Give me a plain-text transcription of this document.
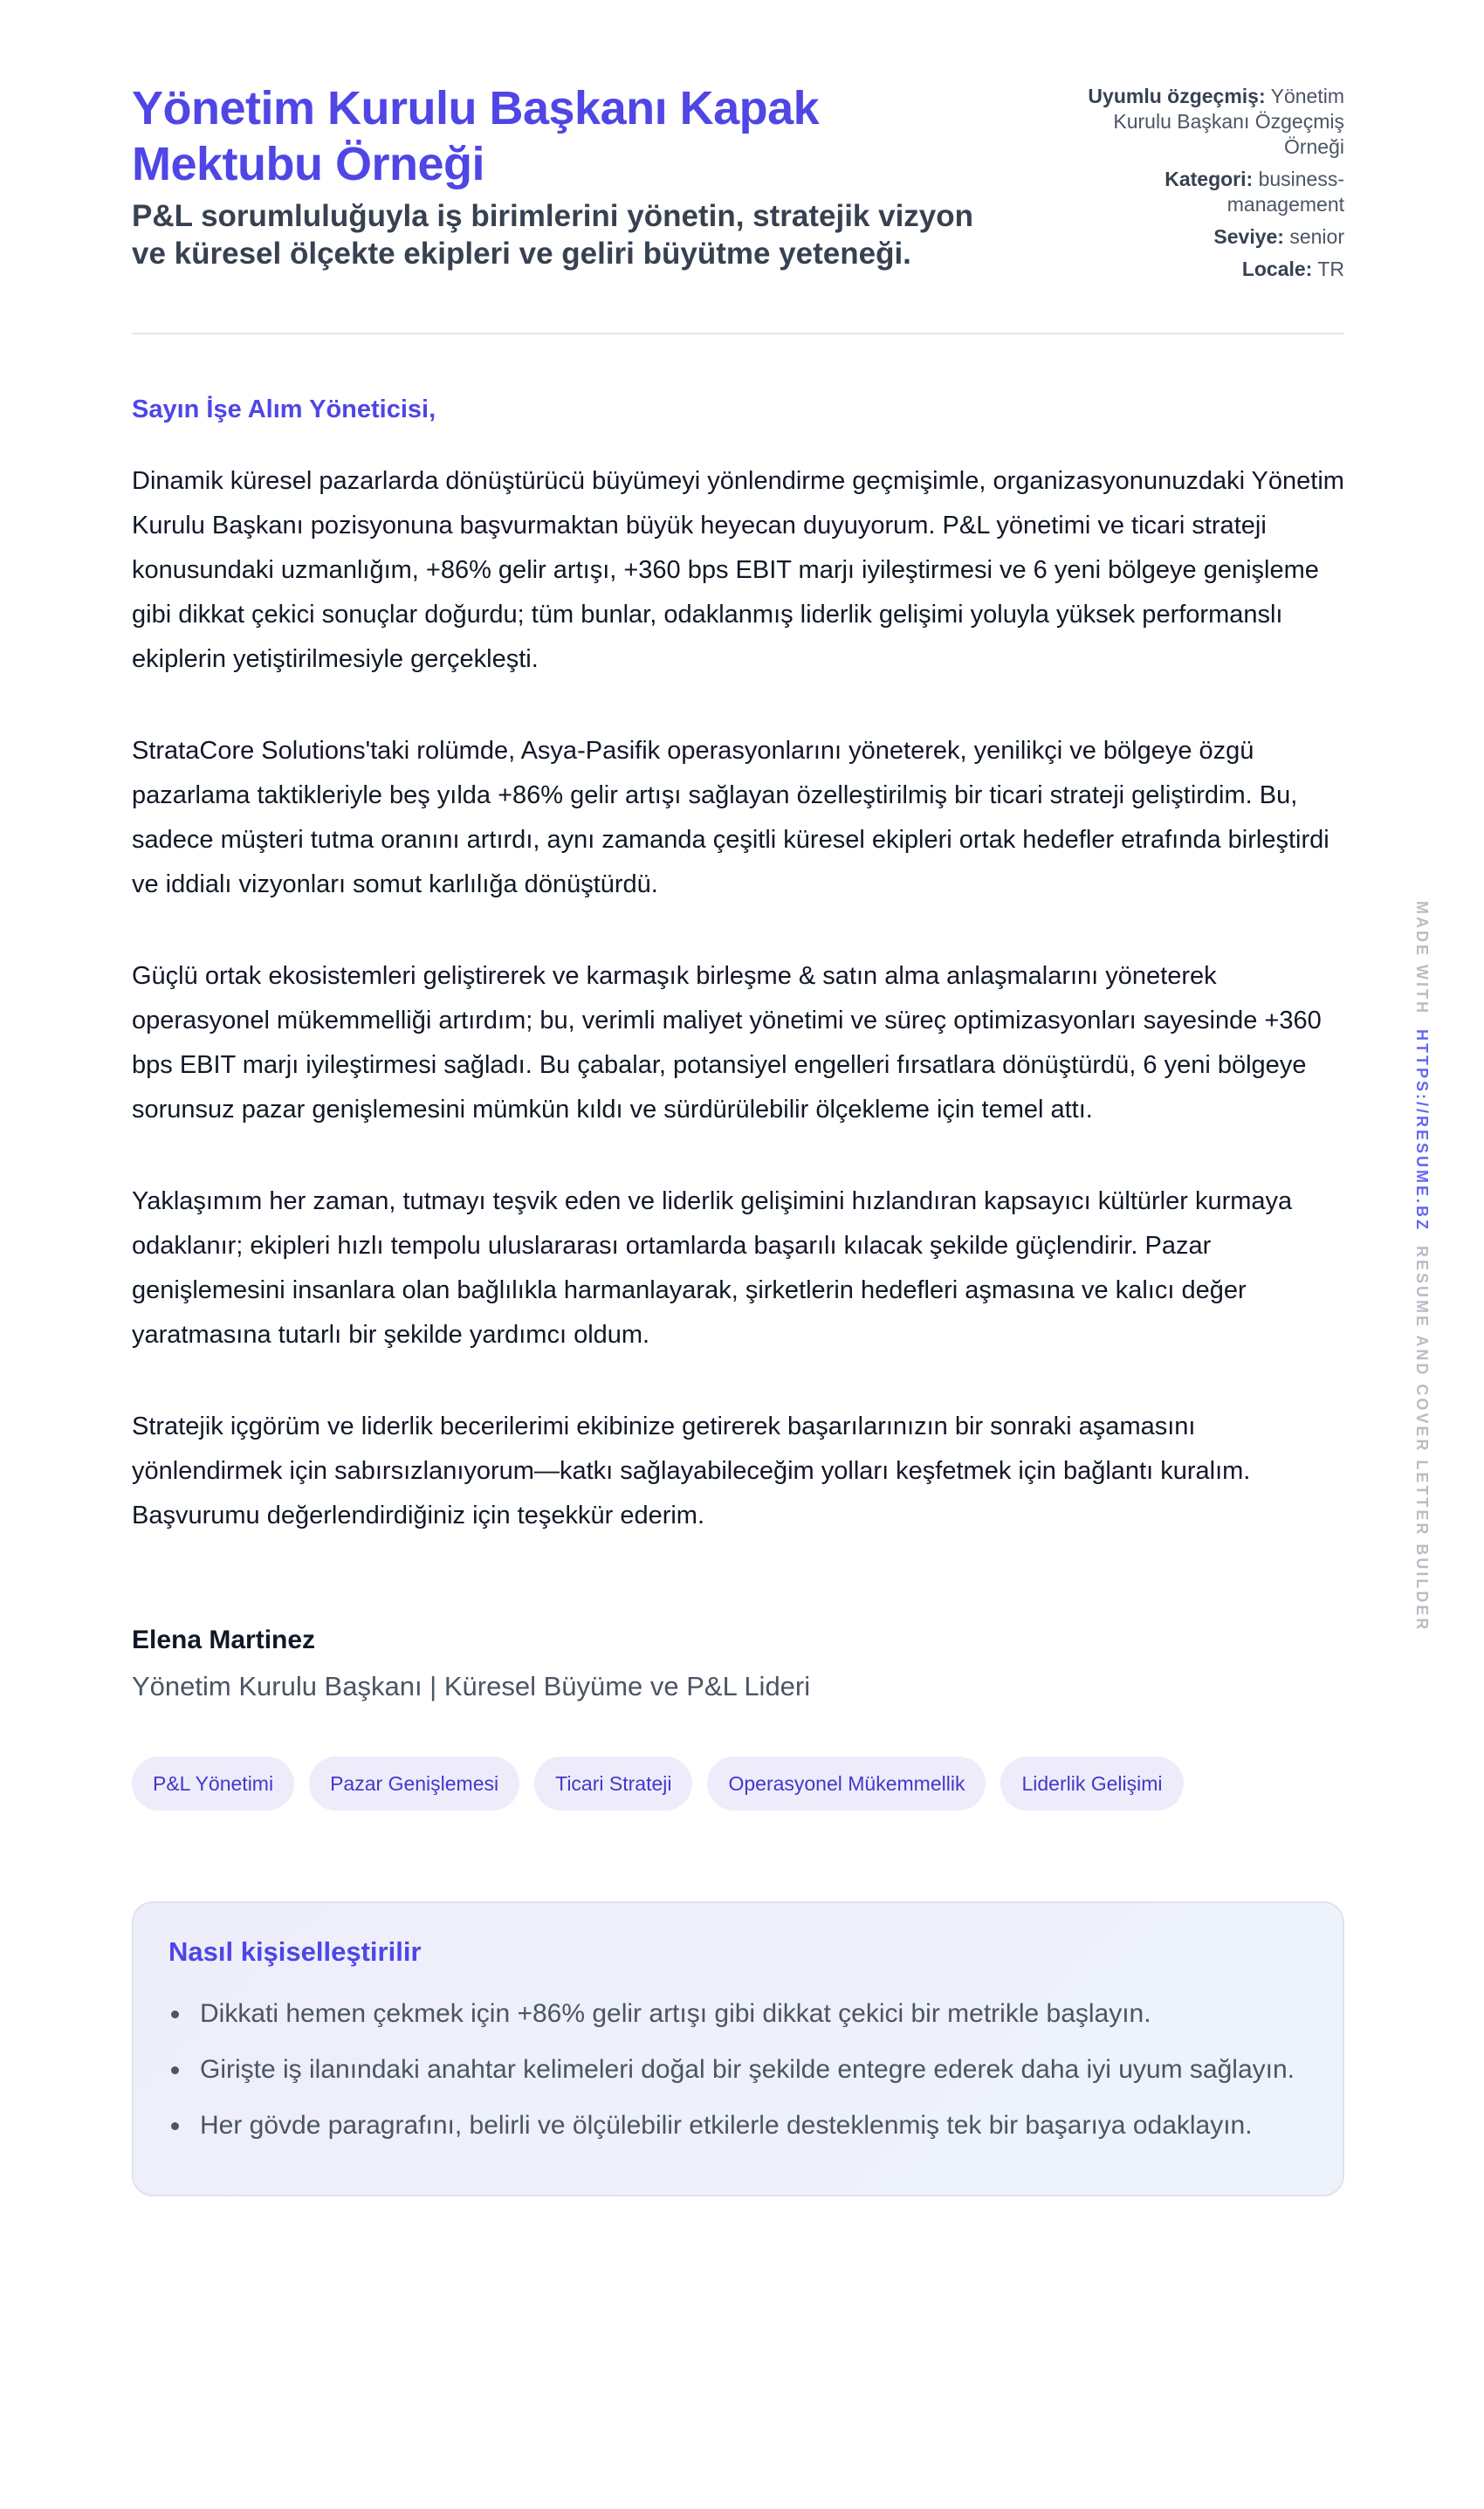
Yönetim Kurulu Başkanı Kapak Mektubu Örneği

P&L sorumluluğuyla iş birimlerini yönetin, stratejik vizyon ve küresel ölçekte ekipleri ve geliri büyütme yeteneği.

Uyumlu özgeçmiş: Yönetim Kurulu Başkanı Özgeçmiş Örneği
Kategori: business-management
Seviye: senior
Locale: TR

Sayın İşe Alım Yöneticisi,

Dinamik küresel pazarlarda dönüştürücü büyümeyi yönlendirme geçmişimle, organizasyonunuzdaki Yönetim Kurulu Başkanı pozisyonuna başvurmaktan büyük heyecan duyuyorum. P&L yönetimi ve ticari strateji konusundaki uzmanlığım, +86% gelir artışı, +360 bps EBIT marjı iyileştirmesi ve 6 yeni bölgeye genişleme gibi dikkat çekici sonuçlar doğurdu; tüm bunlar, odaklanmış liderlik gelişimi yoluyla yüksek performanslı ekiplerin yetiştirilmesiyle gerçekleşti.

StrataCore Solutions'taki rolümde, Asya-Pasifik operasyonlarını yöneterek, yenilikçi ve bölgeye özgü pazarlama taktikleriyle beş yılda +86% gelir artışı sağlayan özelleştirilmiş bir ticari strateji geliştirdim. Bu, sadece müşteri tutma oranını artırdı, aynı zamanda çeşitli küresel ekipleri ortak hedefler etrafında birleştirdi ve iddialı vizyonları somut karlılığa dönüştürdü.

Güçlü ortak ekosistemleri geliştirerek ve karmaşık birleşme & satın alma anlaşmalarını yöneterek operasyonel mükemmelliği artırdım; bu, verimli maliyet yönetimi ve süreç optimizasyonları sayesinde +360 bps EBIT marjı iyileştirmesi sağladı. Bu çabalar, potansiyel engelleri fırsatlara dönüştürdü, 6 yeni bölgeye sorunsuz pazar genişlemesini mümkün kıldı ve sürdürülebilir ölçekleme için temel attı.

Yaklaşımım her zaman, tutmayı teşvik eden ve liderlik gelişimini hızlandıran kapsayıcı kültürler kurmaya odaklanır; ekipleri hızlı tempolu uluslararası ortamlarda başarılı kılacak şekilde güçlendirir. Pazar genişlemesini insanlara olan bağlılıkla harmanlayarak, şirketlerin hedefleri aşmasına ve kalıcı değer yaratmasına tutarlı bir şekilde yardımcı oldum.

Stratejik içgörüm ve liderlik becerilerimi ekibinize getirerek başarılarınızın bir sonraki aşamasını yönlendirmek için sabırsızlanıyorum—katkı sağlayabileceğim yolları keşfetmek için bağlantı kuralım. Başvurumu değerlendirdiğiniz için teşekkür ederim.

Elena Martinez
Yönetim Kurulu Başkanı | Küresel Büyüme ve P&L Lideri
P&L Yönetimi	Pazar Genişlemesi	Ticari Strateji	Operasyonel Mükemmellik	Liderlik Gelişimi
Nasıl kişiselleştirilir
Dikkati hemen çekmek için +86% gelir artışı gibi dikkat çekici bir metrikle başlayın.
Girişte iş ilanındaki anahtar kelimeleri doğal bir şekilde entegre ederek daha iyi uyum sağlayın.
Her gövde paragrafını, belirli ve ölçülebilir etkilerle desteklenmiş tek bir başarıya odaklayın.
MADE WITH  HTTPS://RESUME.BZ  RESUME AND COVER LETTER BUILDER
